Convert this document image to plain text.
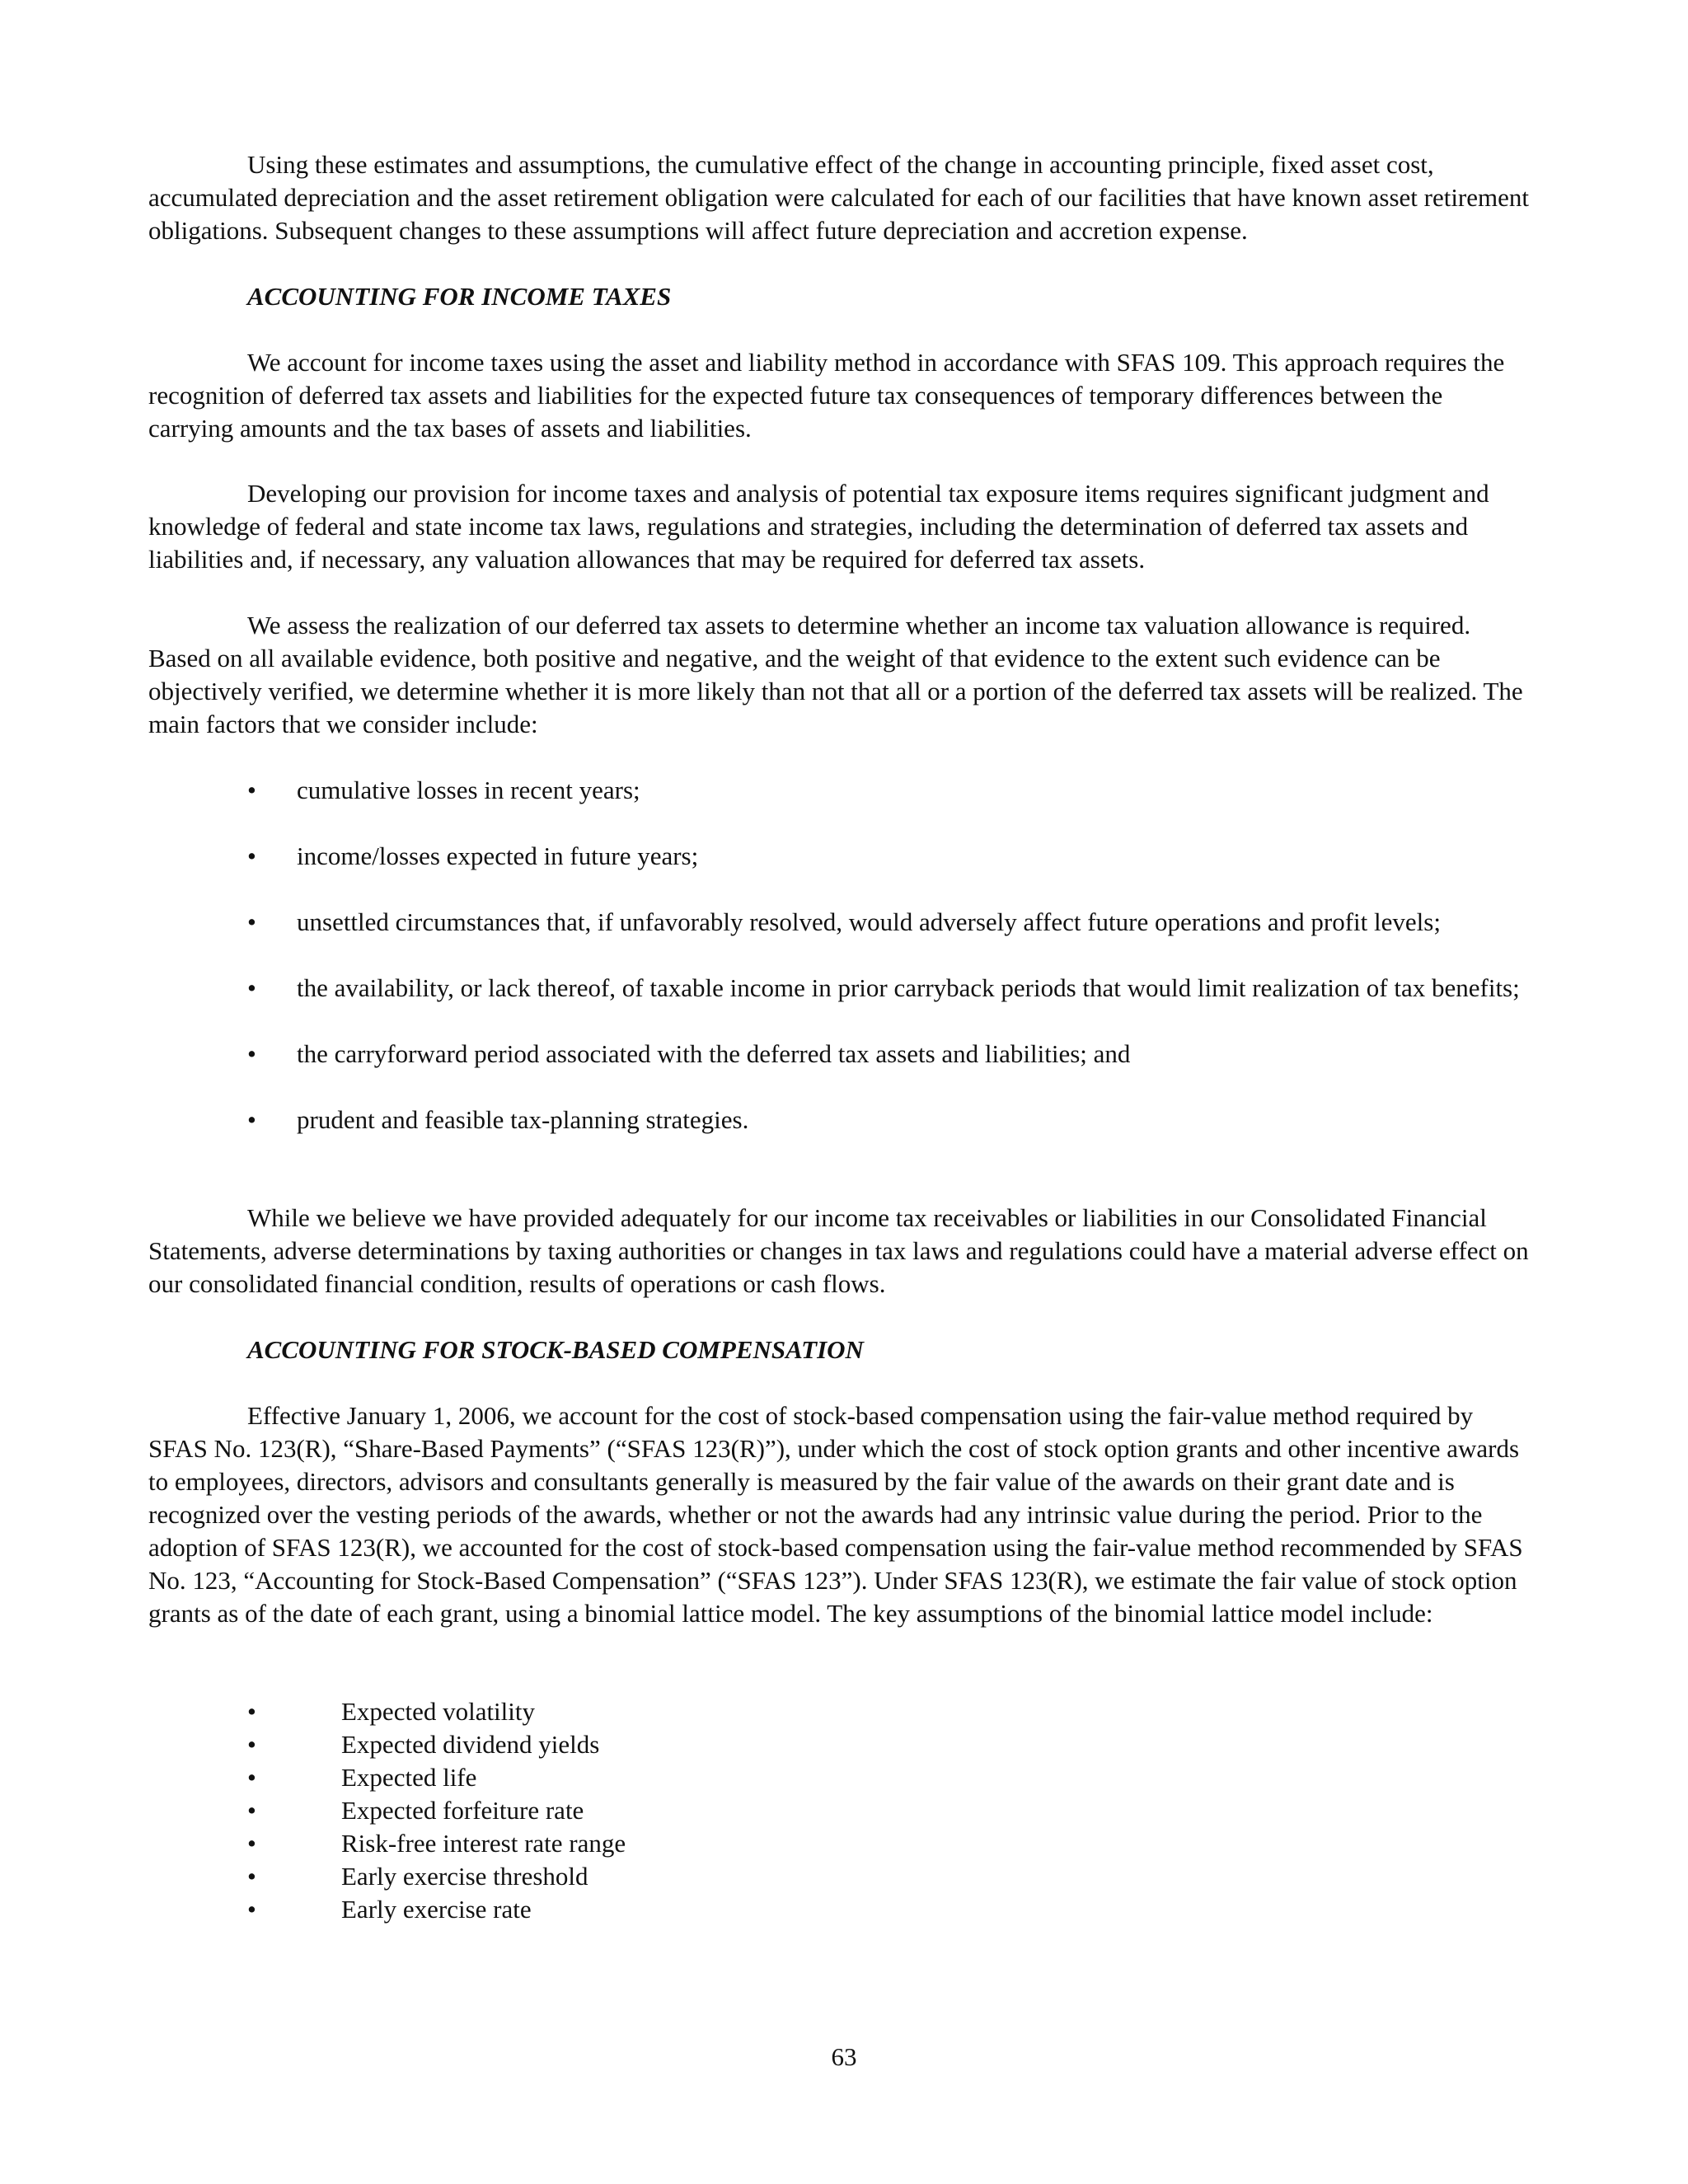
Using these estimates and assumptions, the cumulative effect of the change in accounting principle, fixed asset cost, accumulated depreciation and the asset retirement obligation were calculated for each of our facilities that have known asset retirement obligations. Subsequent changes to these assumptions will affect future depreciation and accretion expense.

ACCOUNTING FOR INCOME TAXES

We account for income taxes using the asset and liability method in accordance with SFAS 109. This approach requires the recognition of deferred tax assets and liabilities for the expected future tax consequences of temporary differences between the carrying amounts and the tax bases of assets and liabilities.

Developing our provision for income taxes and analysis of potential tax exposure items requires significant judgment and knowledge of federal and state income tax laws, regulations and strategies, including the determination of deferred tax assets and liabilities and, if necessary, any valuation allowances that may be required for deferred tax assets.

We assess the realization of our deferred tax assets to determine whether an income tax valuation allowance is required. Based on all available evidence, both positive and negative, and the weight of that evidence to the extent such evidence can be objectively verified, we determine whether it is more likely than not that all or a portion of the deferred tax assets will be realized. The main factors that we consider include:

• cumulative losses in recent years;
• income/losses expected in future years;
• unsettled circumstances that, if unfavorably resolved, would adversely affect future operations and profit levels;
• the availability, or lack thereof, of taxable income in prior carryback periods that would limit realization of tax benefits;
• the carryforward period associated with the deferred tax assets and liabilities; and
• prudent and feasible tax-planning strategies.

While we believe we have provided adequately for our income tax receivables or liabilities in our Consolidated Financial Statements, adverse determinations by taxing authorities or changes in tax laws and regulations could have a material adverse effect on our consolidated financial condition, results of operations or cash flows.

ACCOUNTING FOR STOCK-BASED COMPENSATION

Effective January 1, 2006, we account for the cost of stock-based compensation using the fair-value method required by SFAS No. 123(R), “Share-Based Payments” (“SFAS 123(R)”), under which the cost of stock option grants and other incentive awards to employees, directors, advisors and consultants generally is measured by the fair value of the awards on their grant date and is recognized over the vesting periods of the awards, whether or not the awards had any intrinsic value during the period. Prior to the adoption of SFAS 123(R), we accounted for the cost of stock-based compensation using the fair-value method recommended by SFAS No. 123, “Accounting for Stock-Based Compensation” (“SFAS 123”). Under SFAS 123(R), we estimate the fair value of stock option grants as of the date of each grant, using a binomial lattice model. The key assumptions of the binomial lattice model include:

• Expected volatility
• Expected dividend yields
• Expected life
• Expected forfeiture rate
• Risk-free interest rate range
• Early exercise threshold
• Early exercise rate

63
